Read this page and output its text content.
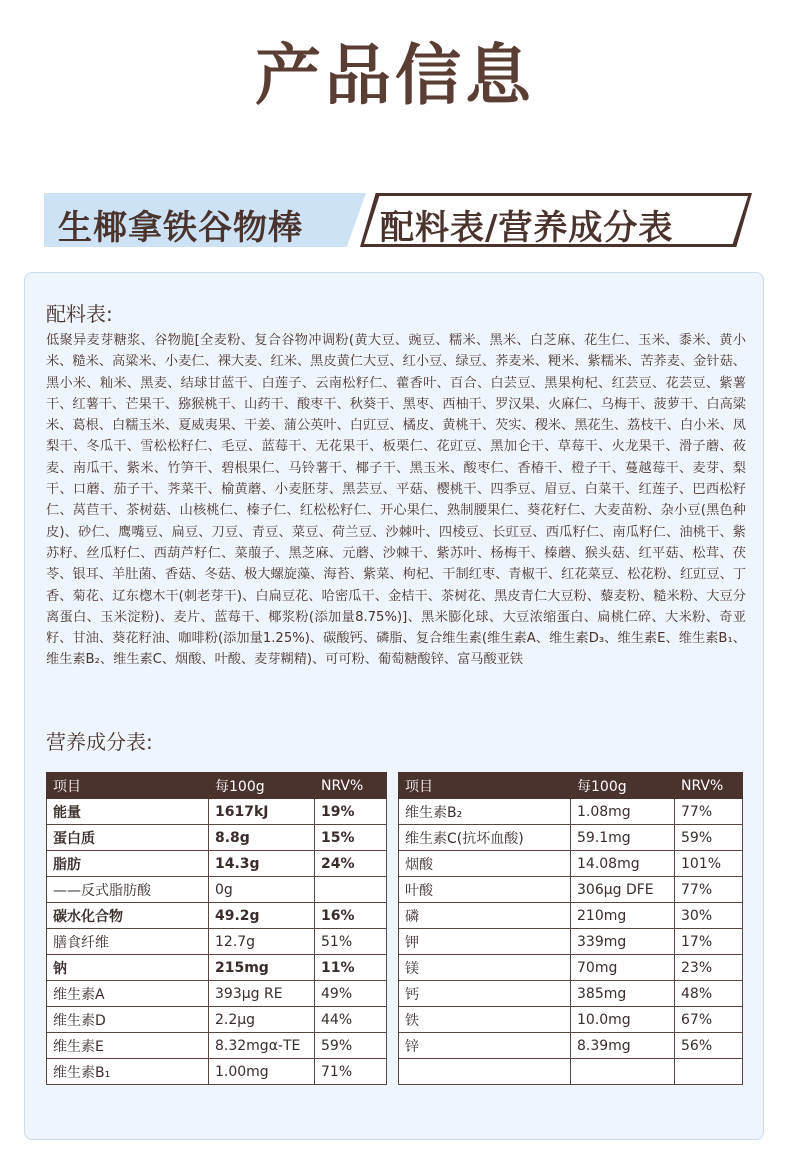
产品信息
生椰拿铁谷物棒 配料表/营养成分表
配料表:
低聚异麦芽糖浆、谷物脆[全麦粉、复合谷物冲调粉(黄大豆、豌豆、糯米、黑米、白芝麻、花生仁、玉米、黍米、黄小米、糙米、高粱米、小麦仁、裸大麦、红米、黑皮黄仁大豆、红小豆、绿豆、荞麦米、粳米、紫糯米、苦荞麦、金针菇、黑小米、籼米、黑麦、结球甘蓝干、白莲子、云南松籽仁、藿香叶、百合、白芸豆、黑果枸杞、红芸豆、花芸豆、紫薯干、红薯干、芒果干、猕猴桃干、山药干、酸枣干、秋葵干、黑枣、西柚干、罗汉果、火麻仁、乌梅干、菠萝干、白高粱米、葛根、白糯玉米、夏威夷果、干姜、蒲公英叶、白豇豆、橘皮、黄桃干、芡实、稷米、黑花生、荔枝干、白小米、凤梨干、冬瓜干、雪松松籽仁、毛豆、蓝莓干、无花果干、板栗仁、花豇豆、黑加仑干、草莓干、火龙果干、滑子蘑、莜麦、南瓜干、紫米、竹笋干、碧根果仁、马铃薯干、椰子干、黑玉米、酸枣仁、香椿干、橙子干、蔓越莓干、麦芽、梨干、口蘑、茄子干、荠菜干、榆黄蘑、小麦胚芽、黑芸豆、平菇、樱桃干、四季豆、眉豆、白菜干、红莲子、巴西松籽仁、莴苣干、茶树菇、山核桃仁、榛子仁、红松松籽仁、开心果仁、熟制腰果仁、葵花籽仁、大麦苗粉、杂小豆(黑色种皮)、砂仁、鹰嘴豆、扁豆、刀豆、青豆、菜豆、荷兰豆、沙棘叶、四棱豆、长豇豆、西瓜籽仁、南瓜籽仁、油桃干、紫苏籽、丝瓜籽仁、西葫芦籽仁、菜菔子、黑芝麻、元蘑、沙棘干、紫苏叶、杨梅干、榛蘑、猴头菇、红平菇、松茸、茯苓、银耳、羊肚菌、香菇、冬菇、极大螺旋藻、海苔、紫菜、枸杞、干制红枣、青椒干、红花菜豆、松花粉、红豇豆、丁香、菊花、辽东楤木干(刺老芽干)、白扁豆花、哈密瓜干、金桔干、茶树花、黑皮青仁大豆粉、藜麦粉、糙米粉、大豆分离蛋白、玉米淀粉)、麦片、蓝莓干、椰浆粉(添加量8.75%)]、黑米膨化球、大豆浓缩蛋白、扁桃仁碎、大米粉、奇亚籽、甘油、葵花籽油、咖啡粉(添加量1.25%)、碳酸钙、磷脂、复合维生素(维生素A、维生素D₃、维生素E、维生素B₁、维生素B₂、维生素C、烟酸、叶酸、麦芽糊精)、可可粉、葡萄糖酸锌、富马酸亚铁
营养成分表:
项目	每100g	NRV%
能量	1617kJ	19%
蛋白质	8.8g	15%
脂肪	14.3g	24%
——反式脂肪酸	0g	
碳水化合物	49.2g	16%
膳食纤维	12.7g	51%
钠	215mg	11%
维生素A	393μg RE	49%
维生素D	2.2μg	44%
维生素E	8.32mgα-TE	59%
维生素B₁	1.00mg	71%
项目	每100g	NRV%
维生素B₂	1.08mg	77%
维生素C(抗坏血酸)	59.1mg	59%
烟酸	14.08mg	101%
叶酸	306μg DFE	77%
磷	210mg	30%
钾	339mg	17%
镁	70mg	23%
钙	385mg	48%
铁	10.0mg	67%
锌	8.39mg	56%
